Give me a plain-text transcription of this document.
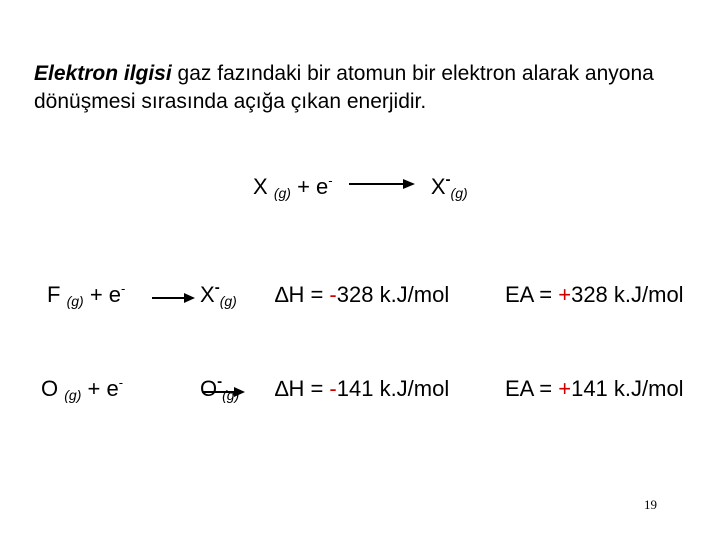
Elektron ilgisi gaz fazındaki bir atomun bir elektron alarak anyona dönüşmesi sırasında açığa çıkan enerjidir.
X (g) + e- → X-(g)
F (g) + e- → X-(g) ∆H = -328 k.J/mol	EA = +328 k.J/mol
O (g) + e-	O-(g) ∆H = -141 k.J/mol	EA = +141 k.J/mol
19
